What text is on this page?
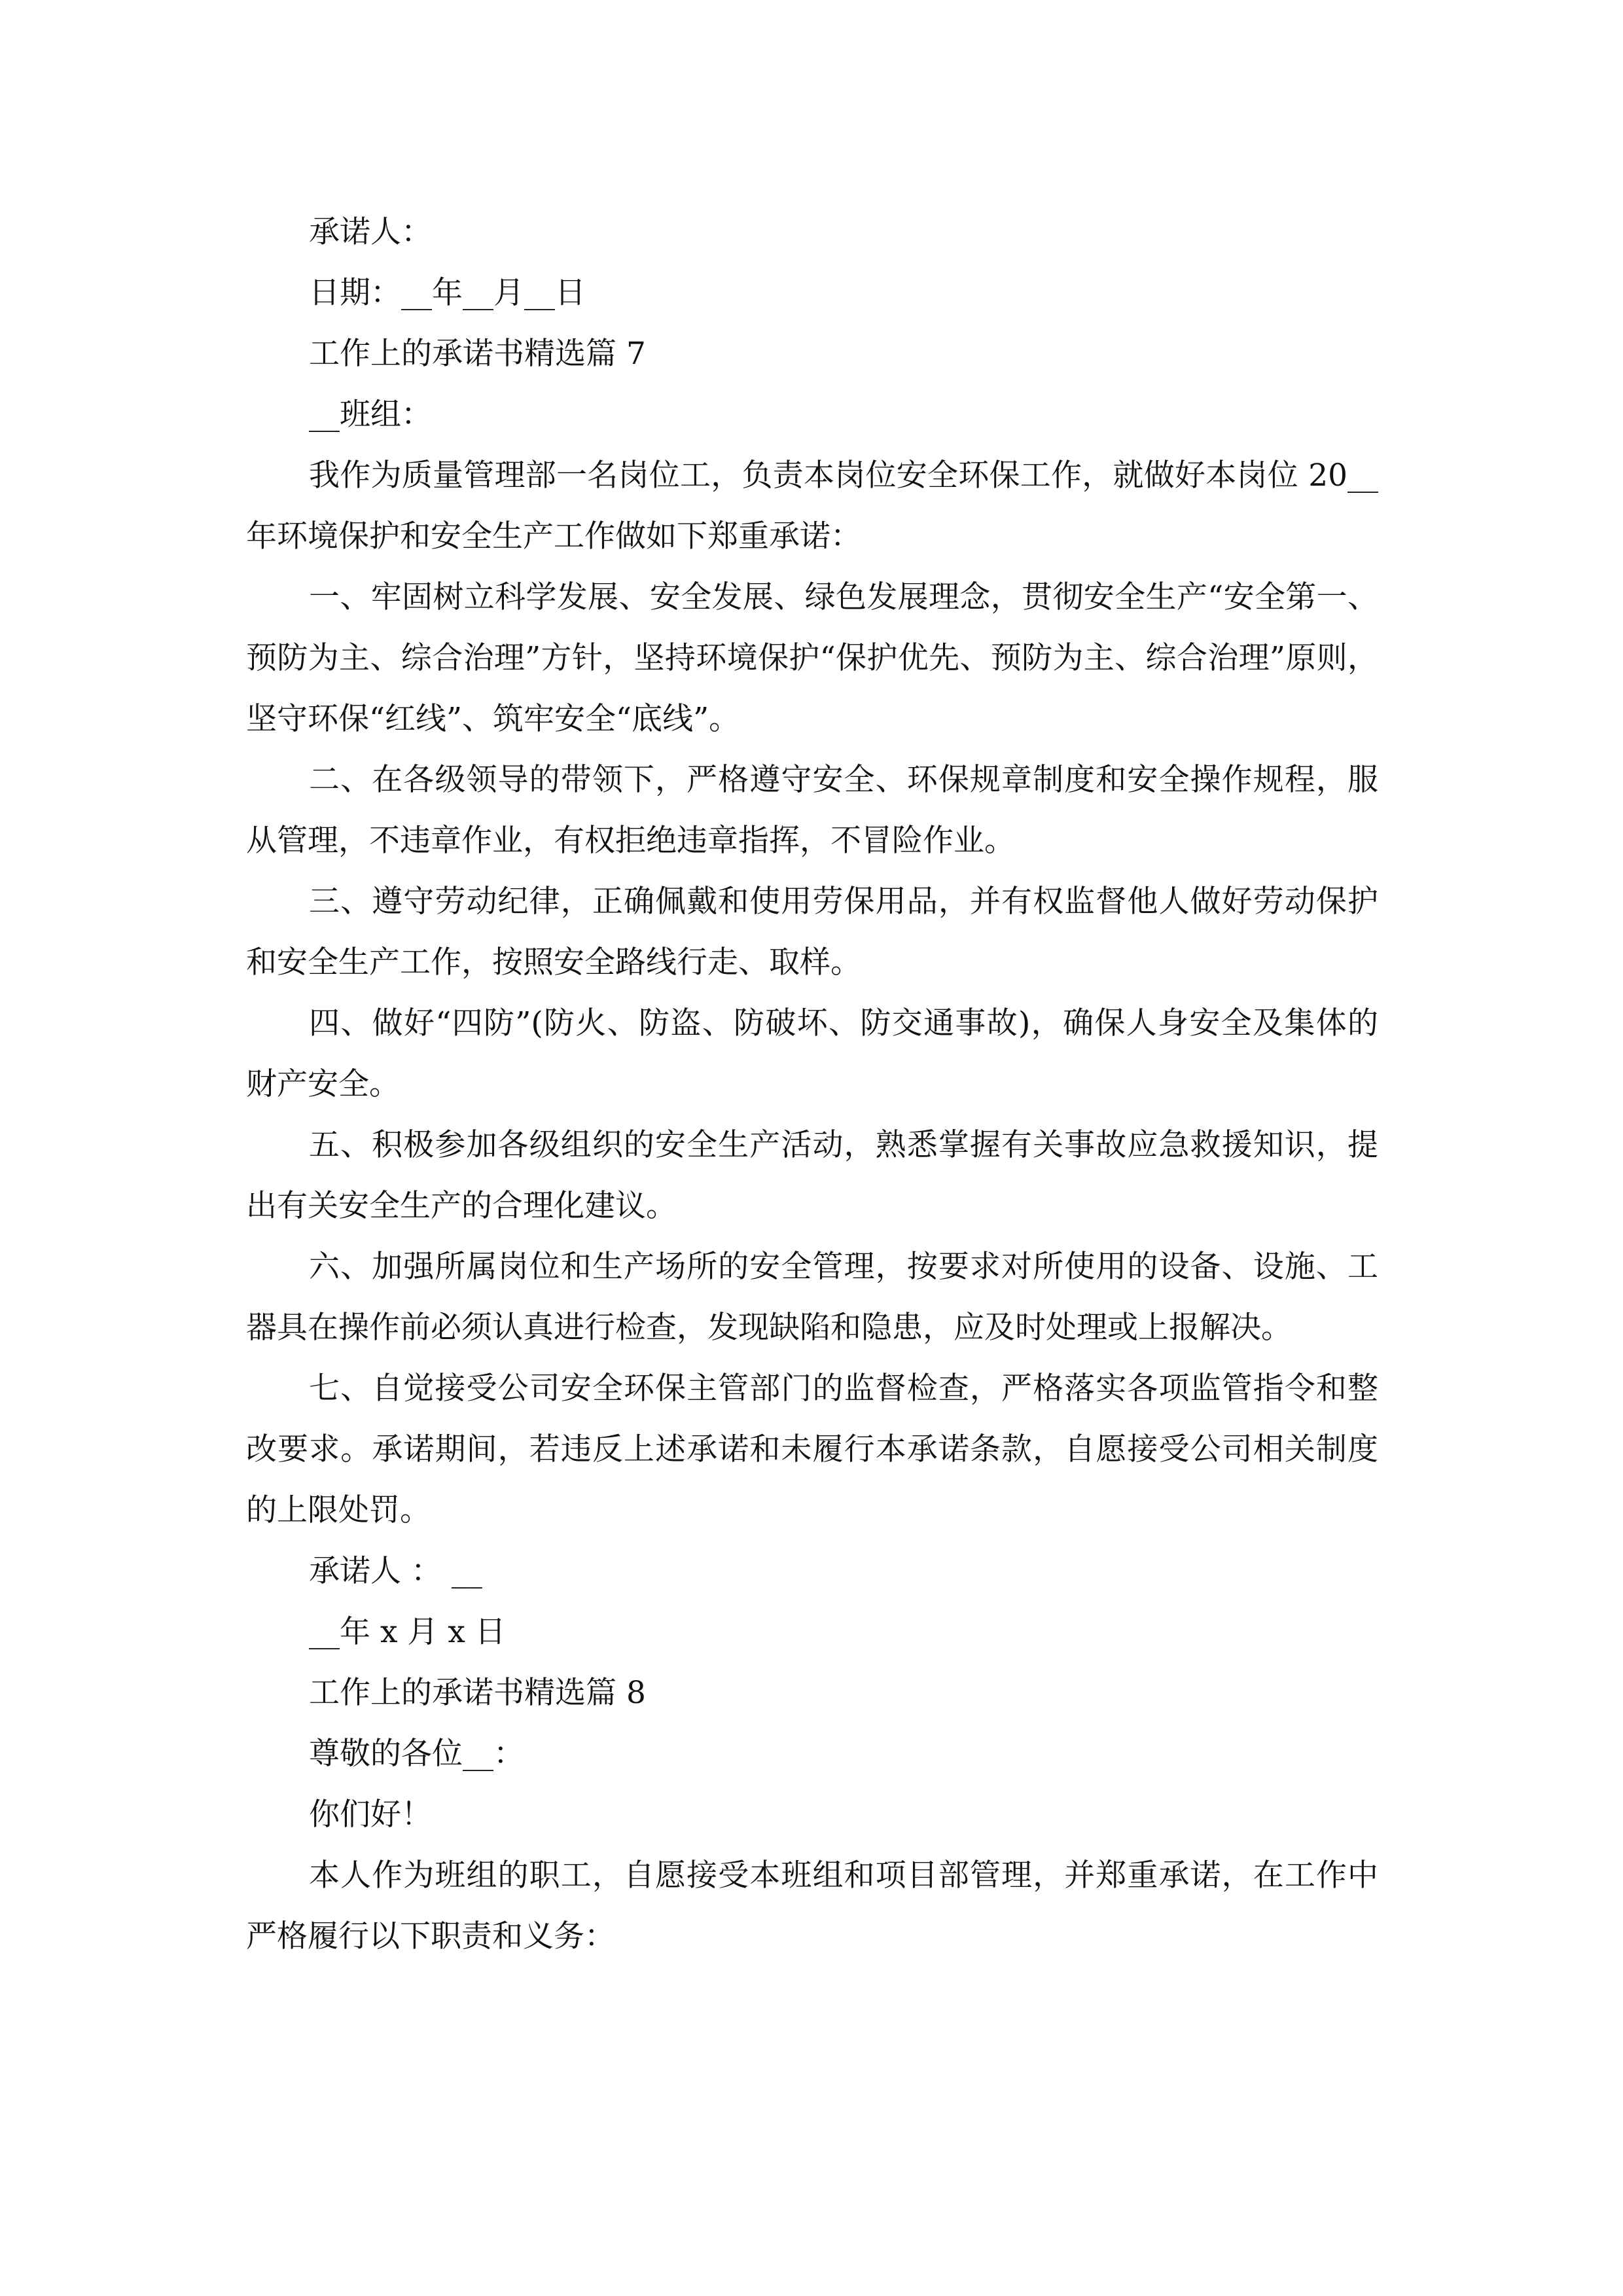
承诺人：

日期：__年__月__日

工作上的承诺书精选篇 7

__班组：

我作为质量管理部一名岗位工，负责本岗位安全环保工作，就做好本岗位 20__年环境保护和安全生产工作做如下郑重承诺：

一、牢固树立科学发展、安全发展、绿色发展理念，贯彻安全生产“安全第一、预防为主、综合治理”方针，坚持环境保护“保护优先、预防为主、综合治理”原则，坚守环保“红线”、筑牢安全“底线”。

二、在各级领导的带领下，严格遵守安全、环保规章制度和安全操作规程，服从管理，不违章作业，有权拒绝违章指挥，不冒险作业。

三、遵守劳动纪律，正确佩戴和使用劳保用品，并有权监督他人做好劳动保护和安全生产工作，按照安全路线行走、取样。

四、做好“四防”(防火、防盗、防破坏、防交通事故)，确保人身安全及集体的财产安全。

五、积极参加各级组织的安全生产活动，熟悉掌握有关事故应急救援知识，提出有关安全生产的合理化建议。

六、加强所属岗位和生产场所的安全管理，按要求对所使用的设备、设施、工器具在操作前必须认真进行检查，发现缺陷和隐患，应及时处理或上报解决。

七、自觉接受公司安全环保主管部门的监督检查，严格落实各项监管指令和整改要求。承诺期间，若违反上述承诺和未履行本承诺条款，自愿接受公司相关制度的上限处罚。

承诺人 ： __

__年 x 月 x 日

工作上的承诺书精选篇 8

尊敬的各位__：

你们好！

本人作为班组的职工，自愿接受本班组和项目部管理，并郑重承诺，在工作中严格履行以下职责和义务：
